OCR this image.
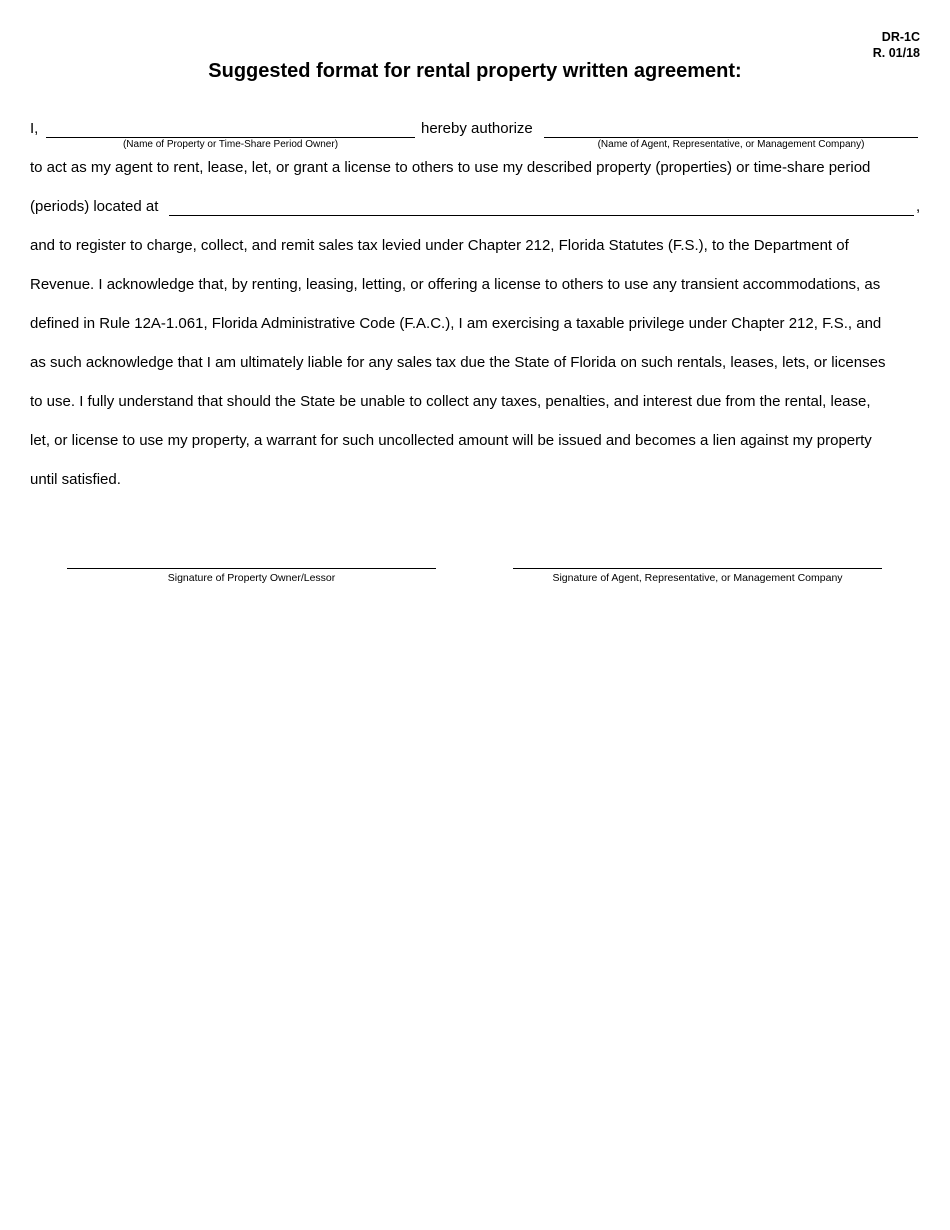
DR-1C
R. 01/18
Suggested format for rental property written agreement:
I,
(Name of Property or Time-Share Period Owner)
hereby authorize
(Name of Agent, Representative, or Management Company)
to act as my agent to rent, lease, let, or grant a license to others to use my described property (properties) or time-share period
(periods) located at	,
and to register to charge, collect, and remit sales tax levied under Chapter 212, Florida Statutes (F.S.), to the Department of
Revenue. I acknowledge that, by renting, leasing, letting, or offering a license to others to use any transient accommodations, as
defined in Rule 12A-1.061, Florida Administrative Code (F.A.C.), I am exercising a taxable privilege under Chapter 212, F.S., and
as such acknowledge that I am ultimately liable for any sales tax due the State of Florida on such rentals, leases, lets, or licenses
to use. I fully understand that should the State be unable to collect any taxes, penalties, and interest due from the rental, lease,
let, or license to use my property, a warrant for such uncollected amount will be issued and becomes a lien against my property
until satisfied.
Signature of Property Owner/Lessor	Signature of Agent, Representative, or Management Company
